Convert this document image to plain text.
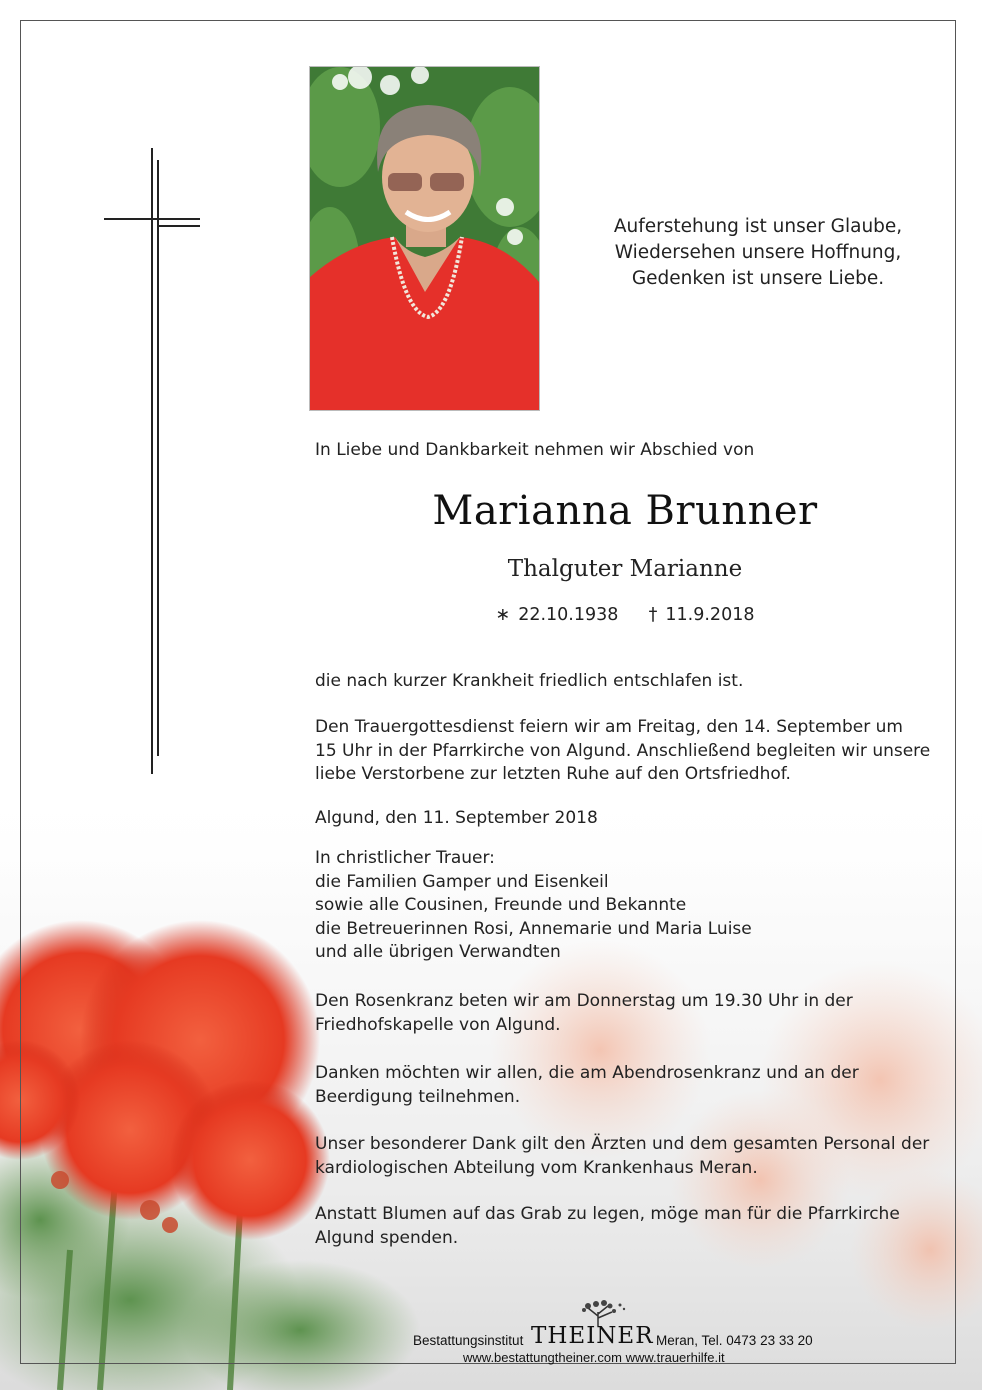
Auferstehung ist unser Glaube,
Wiedersehen unsere Hoffnung,
Gedenken ist unsere Liebe.
In Liebe und Dankbarkeit nehmen wir Abschied von
Marianna Brunner
Thalguter Marianne
∗ 22.10.1938 † 11.9.2018
die nach kurzer Krankheit friedlich entschlafen ist.
Den Trauergottesdienst feiern wir am Freitag, den 14. September um
15 Uhr in der Pfarrkirche von Algund. Anschließend begleiten wir unsere
liebe Verstorbene zur letzten Ruhe auf den Ortsfriedhof.
Algund, den 11. September 2018
In christlicher Trauer:
die Familien Gamper und Eisenkeil
sowie alle Cousinen, Freunde und Bekannte
die Betreuerinnen Rosi, Annemarie und Maria Luise
und alle übrigen Verwandten
Den Rosenkranz beten wir am Donnerstag um 19.30 Uhr in der
Friedhofskapelle von Algund.
Danken möchten wir allen, die am Abendrosenkranz und an der
Beerdigung teilnehmen.
Unser besonderer Dank gilt den Ärzten und dem gesamten Personal der
kardiologischen Abteilung vom Krankenhaus Meran.
Anstatt Blumen auf das Grab zu legen, möge man für die Pfarrkirche
Algund spenden.
Bestattungsinstitut THEINER Meran, Tel. 0473 23 33 20
www.bestattungtheiner.com www.trauerhilfe.it
